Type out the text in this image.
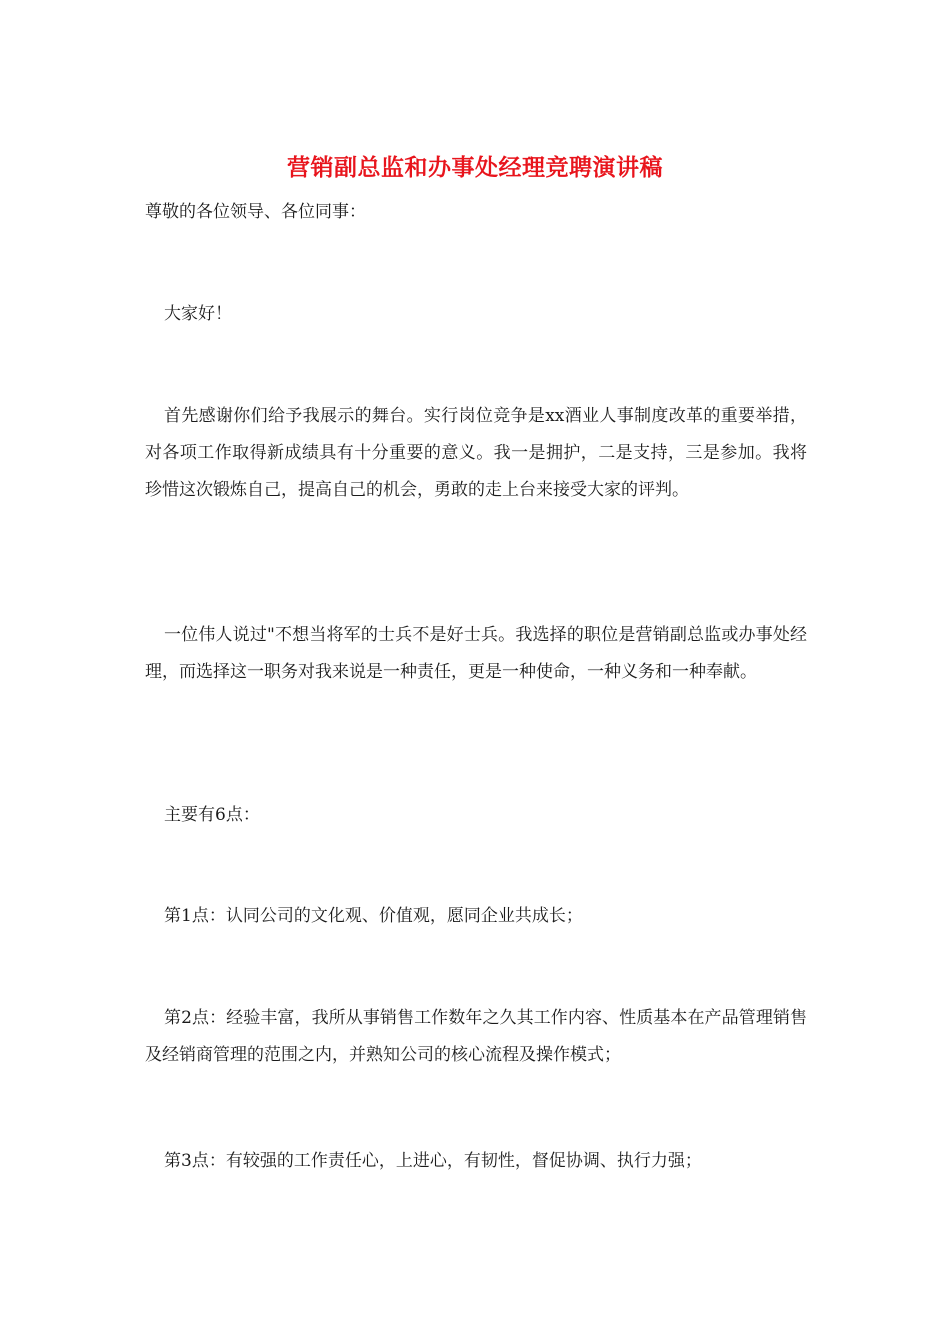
营销副总监和办事处经理竞聘演讲稿

尊敬的各位领导、各位同事：

大家好！

首先感谢你们给予我展示的舞台。实行岗位竞争是xx酒业人事制度改革的重要举措，对各项工作取得新成绩具有十分重要的意义。我一是拥护，二是支持，三是参加。我将珍惜这次锻炼自己，提高自己的机会，勇敢的走上台来接受大家的评判。

一位伟人说过"不想当将军的士兵不是好士兵。我选择的职位是营销副总监或办事处经理，而选择这一职务对我来说是一种责任，更是一种使命，一种义务和一种奉献。

主要有6点：

第1点：认同公司的文化观、价值观，愿同企业共成长；

第2点：经验丰富，我所从事销售工作数年之久其工作内容、性质基本在产品管理销售及经销商管理的范围之内，并熟知公司的核心流程及操作模式；

第3点：有较强的工作责任心，上进心，有韧性，督促协调、执行力强；
